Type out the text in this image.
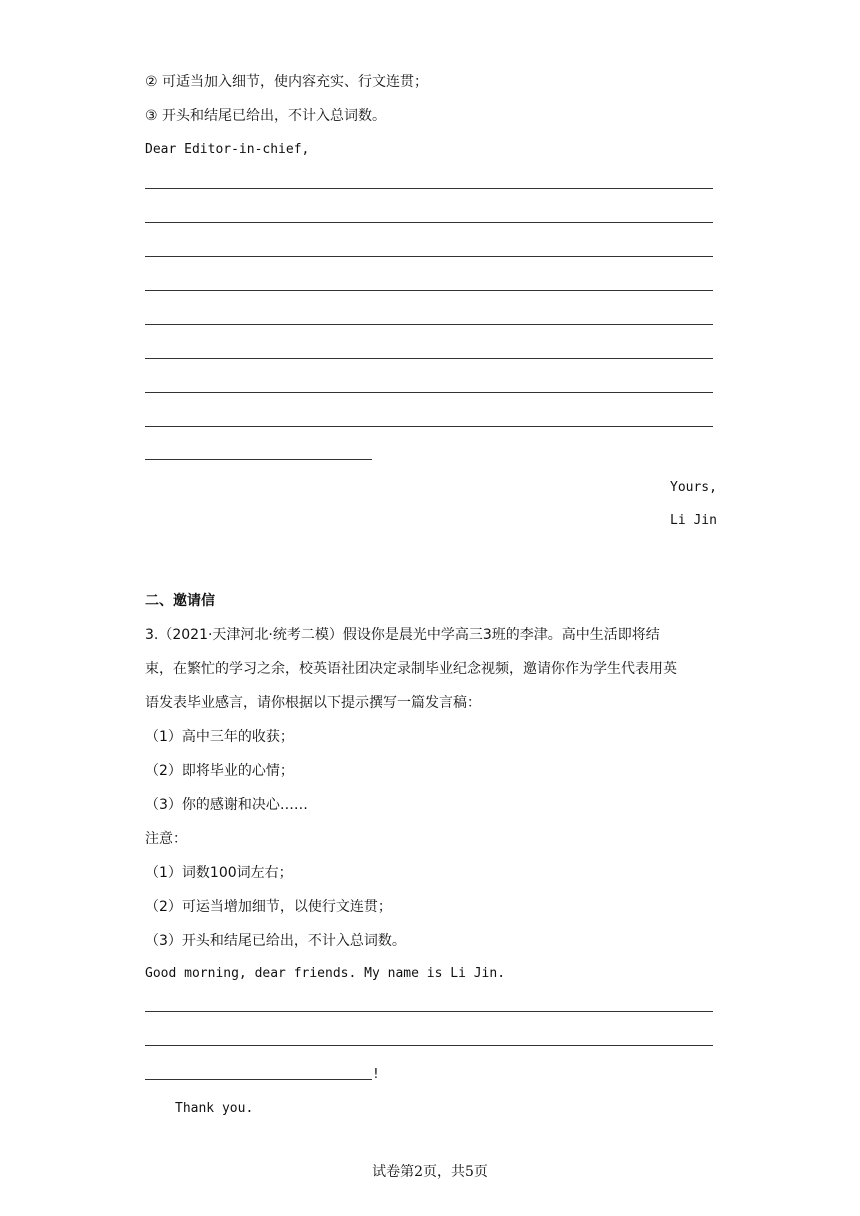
② 可适当加入细节，使内容充实、行文连贯；
③ 开头和结尾已给出，不计入总词数。
Dear Editor-in-chief,
Yours,
Li Jin
二、邀请信
3.（2021·天津河北·统考二模）假设你是晨光中学高三3班的李津。高中生活即将结
束，在繁忙的学习之余，校英语社团决定录制毕业纪念视频，邀请你作为学生代表用英
语发表毕业感言，请你根据以下提示撰写一篇发言稿：
（1）高中三年的收获；
（2）即将毕业的心情；
（3）你的感谢和决心……
注意：
（1）词数100词左右；
（2）可运当增加细节，以使行文连贯；
（3）开头和结尾已给出，不计入总词数。
Good morning, dear friends. My name is Li Jin.
!
Thank you.
试卷第2页，共5页
